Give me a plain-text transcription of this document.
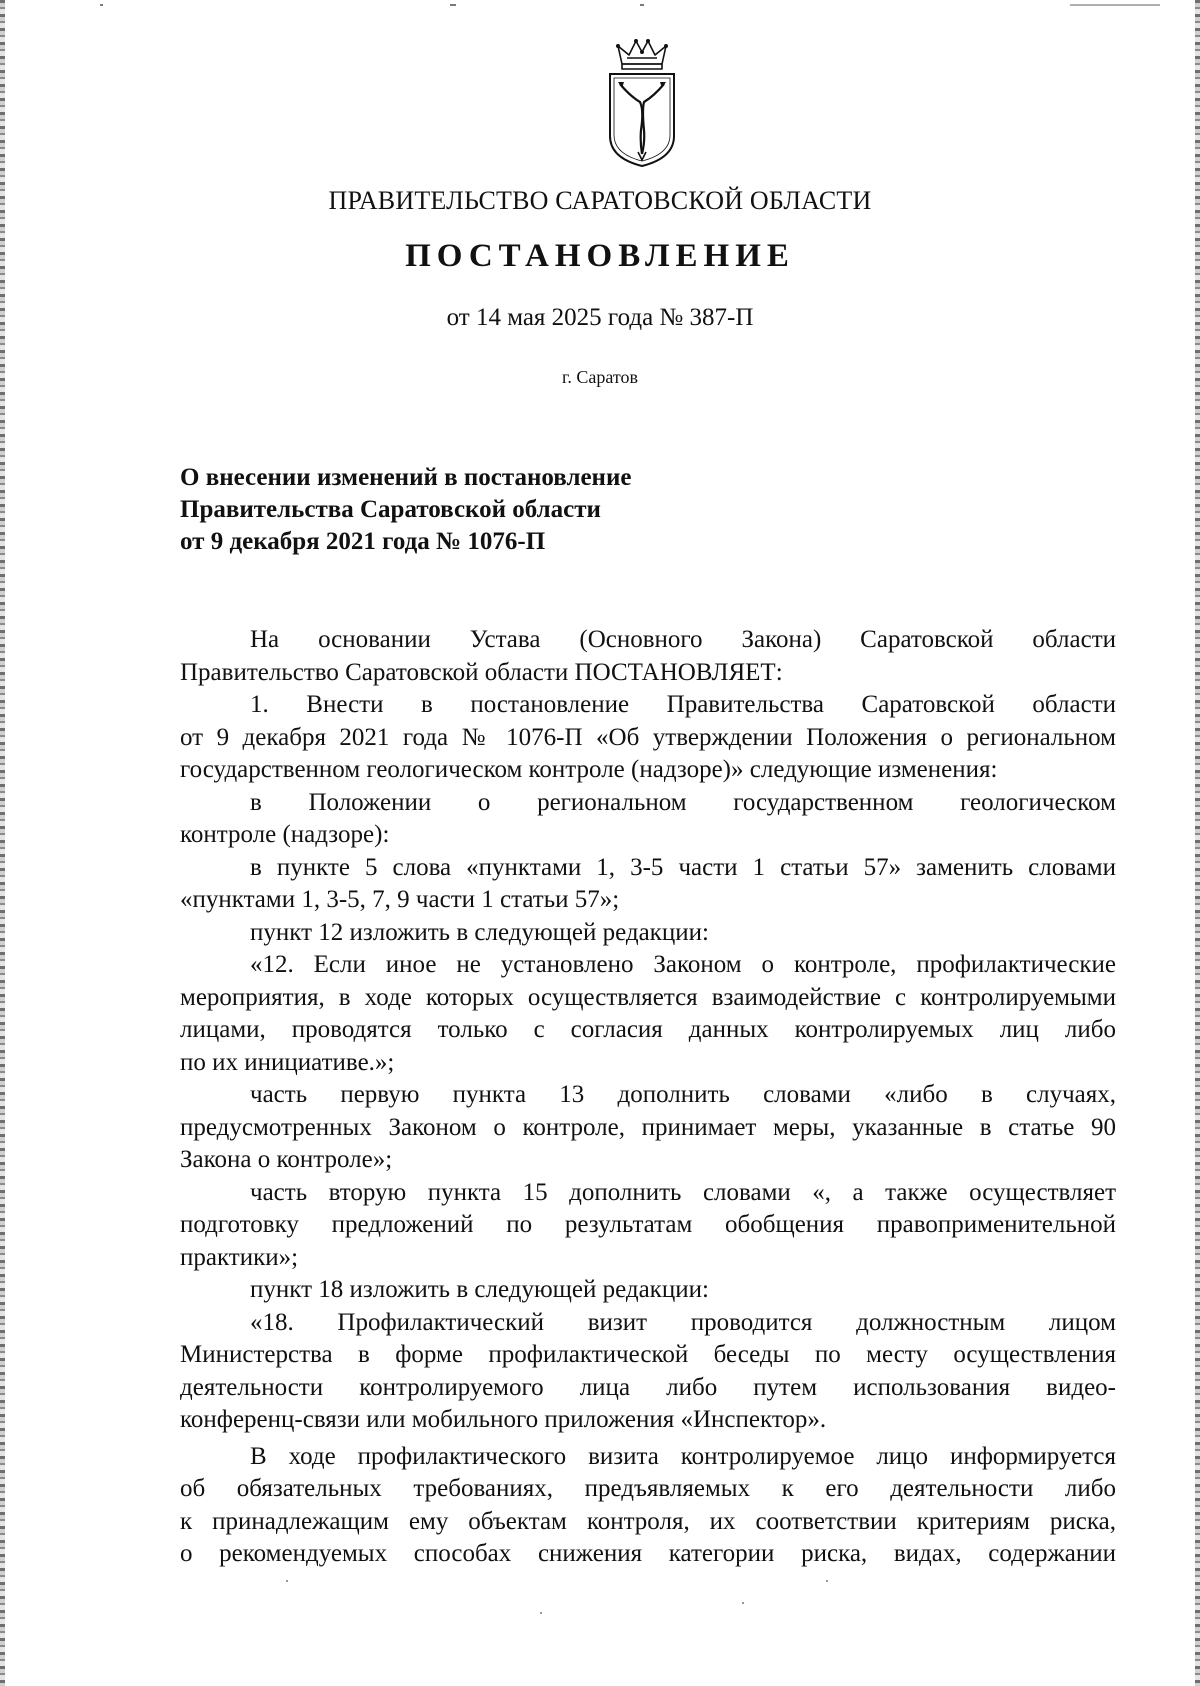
ПРАВИТЕЛЬСТВО САРАТОВСКОЙ ОБЛАСТИ
ПОСТАНОВЛЕНИЕ
от 14 мая 2025 года № 387-П
г. Саратов
О внесении изменений в постановление
Правительства Саратовской области
от 9 декабря 2021 года № 1076-П
На основании Устава (Основного Закона) Саратовской области
Правительство Саратовской области ПОСТАНОВЛЯЕТ:
1. Внести в постановление Правительства Саратовской области
от 9 декабря 2021 года № 1076-П «Об утверждении Положения о региональном
государственном геологическом контроле (надзоре)» следующие изменения:
в Положении о региональном государственном геологическом
контроле (надзоре):
в пункте 5 слова «пунктами 1, 3-5 части 1 статьи 57» заменить словами
«пунктами 1, 3-5, 7, 9 части 1 статьи 57»;
пункт 12 изложить в следующей редакции:
«12. Если иное не установлено Законом о контроле, профилактические
мероприятия, в ходе которых осуществляется взаимодействие с контролируемыми
лицами, проводятся только с согласия данных контролируемых лиц либо
по их инициативе.»;
часть первую пункта 13 дополнить словами «либо в случаях,
предусмотренных Законом о контроле, принимает меры, указанные в статье 90
Закона о контроле»;
часть вторую пункта 15 дополнить словами «, а также осуществляет
подготовку предложений по результатам обобщения правоприменительной
практики»;
пункт 18 изложить в следующей редакции:
«18. Профилактический визит проводится должностным лицом
Министерства в форме профилактической беседы по месту осуществления
деятельности контролируемого лица либо путем использования видео-
конференц-связи или мобильного приложения «Инспектор».
В ходе профилактического визита контролируемое лицо информируется
об обязательных требованиях, предъявляемых к его деятельности либо
к принадлежащим ему объектам контроля, их соответствии критериям риска,
о рекомендуемых способах снижения категории риска, видах, содержании
